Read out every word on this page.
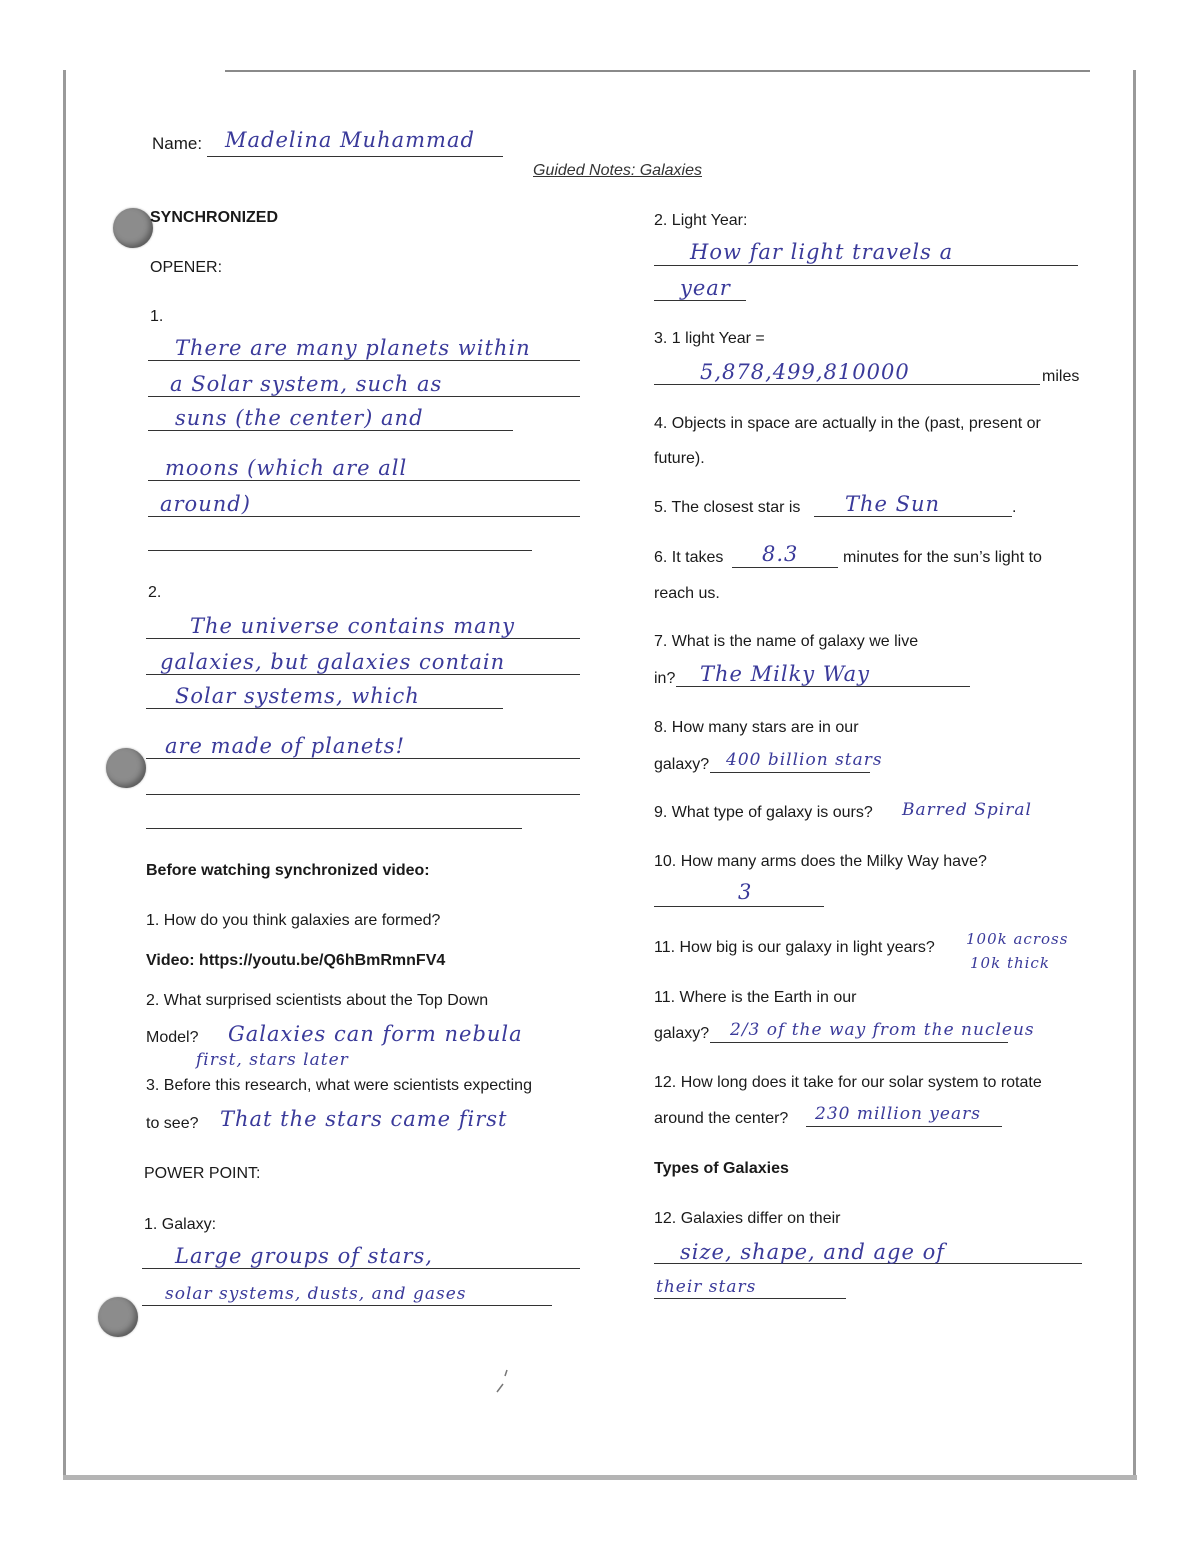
Name: Madelina Muhammad
Guided Notes: Galaxies
SYNCHRONIZED
OPENER:
1.
There are many planets within
a Solar system, such as
suns (the center) and
moons (which are all
around)
2.
The universe contains many
galaxies, but galaxies contain
Solar systems, which
are made of planets!
Before watching synchronized video:
1. How do you think galaxies are formed?
Video: https://youtu.be/Q6hBmRmnFV4
2. What surprised scientists about the Top Down
Model? Galaxies can form nebula
first, stars later
3. Before this research, what were scientists expecting
to see? That the stars came first
POWER POINT:
1. Galaxy:
Large groups of stars,
solar systems, dusts, and gases
2. Light Year:
How far light travels a
year
3. 1 light Year =
5,878,499,810000	miles
4. Objects in space are actually in the (past, present or
future).
5. The closest star is The Sun	.
6. It takes 8.3	minutes for the sun’s light to
reach us.
7. What is the name of galaxy we live
in? The Milky Way
8. How many stars are in our
galaxy? 400 billion stars
9. What type of galaxy is ours? Barred Spiral
10. How many arms does the Milky Way have?
3
11. How big is our galaxy in light years? 100k across
10k thick
11. Where is the Earth in our
galaxy? 2/3 of the way from the nucleus
12. How long does it take for our solar system to rotate
around the center? 230 million years
Types of Galaxies
12. Galaxies differ on their
size, shape, and age of
their stars
